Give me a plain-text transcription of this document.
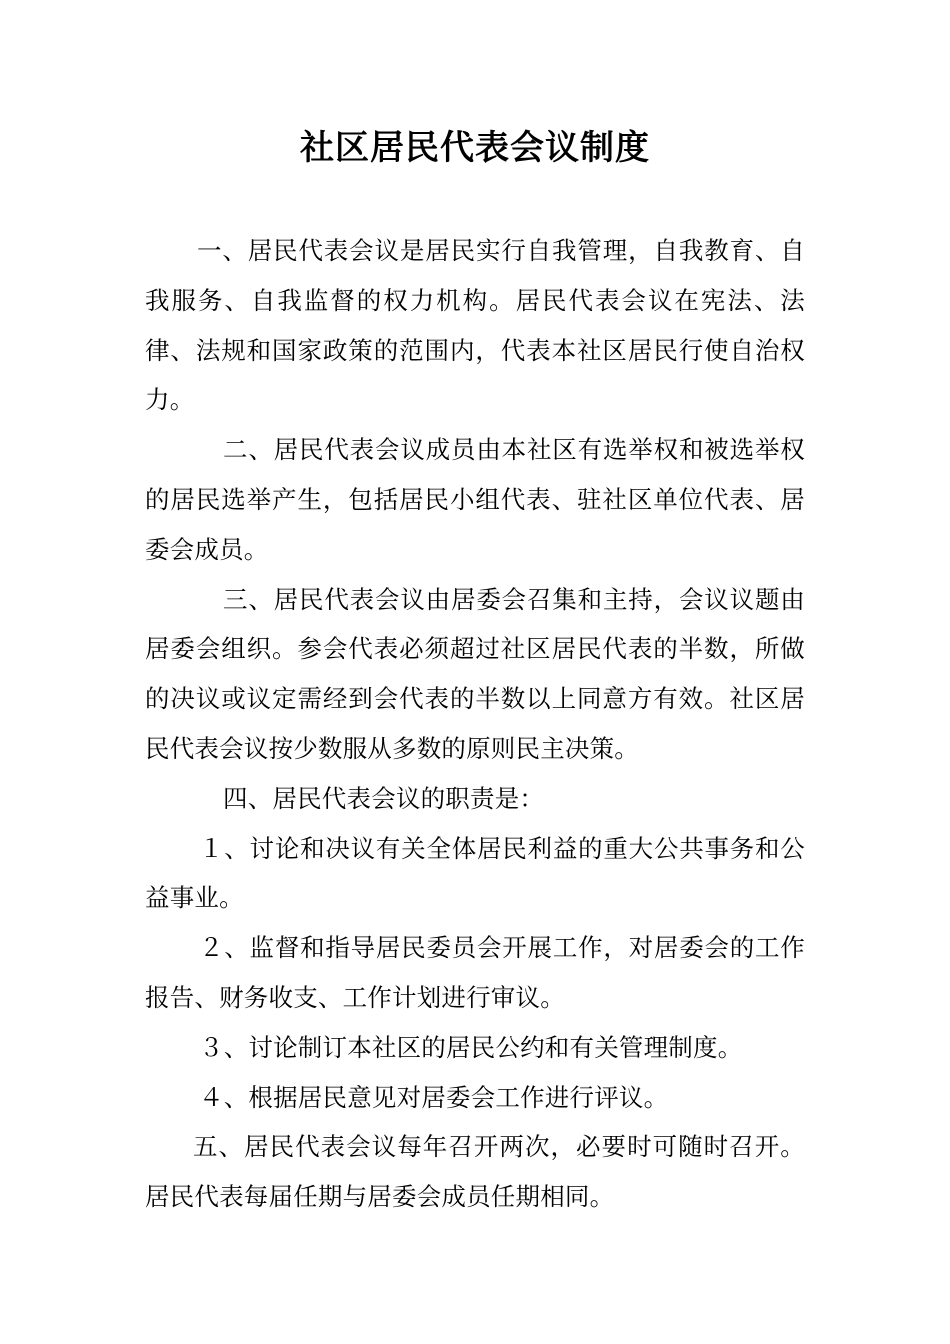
社区居民代表会议制度

一、居民代表会议是居民实行自我管理，自我教育、自我服务、自我监督的权力机构。居民代表会议在宪法、法律、法规和国家政策的范围内，代表本社区居民行使自治权力。

二、居民代表会议成员由本社区有选举权和被选举权的居民选举产生，包括居民小组代表、驻社区单位代表、居委会成员。

三、居民代表会议由居委会召集和主持，会议议题由居委会组织。参会代表必须超过社区居民代表的半数，所做的决议或议定需经到会代表的半数以上同意方有效。社区居民代表会议按少数服从多数的原则民主决策。

四、居民代表会议的职责是：

１、讨论和决议有关全体居民利益的重大公共事务和公益事业。

２、监督和指导居民委员会开展工作，对居委会的工作报告、财务收支、工作计划进行审议。

３、讨论制订本社区的居民公约和有关管理制度。

４、根据居民意见对居委会工作进行评议。

五、居民代表会议每年召开两次，必要时可随时召开。居民代表每届任期与居委会成员任期相同。
